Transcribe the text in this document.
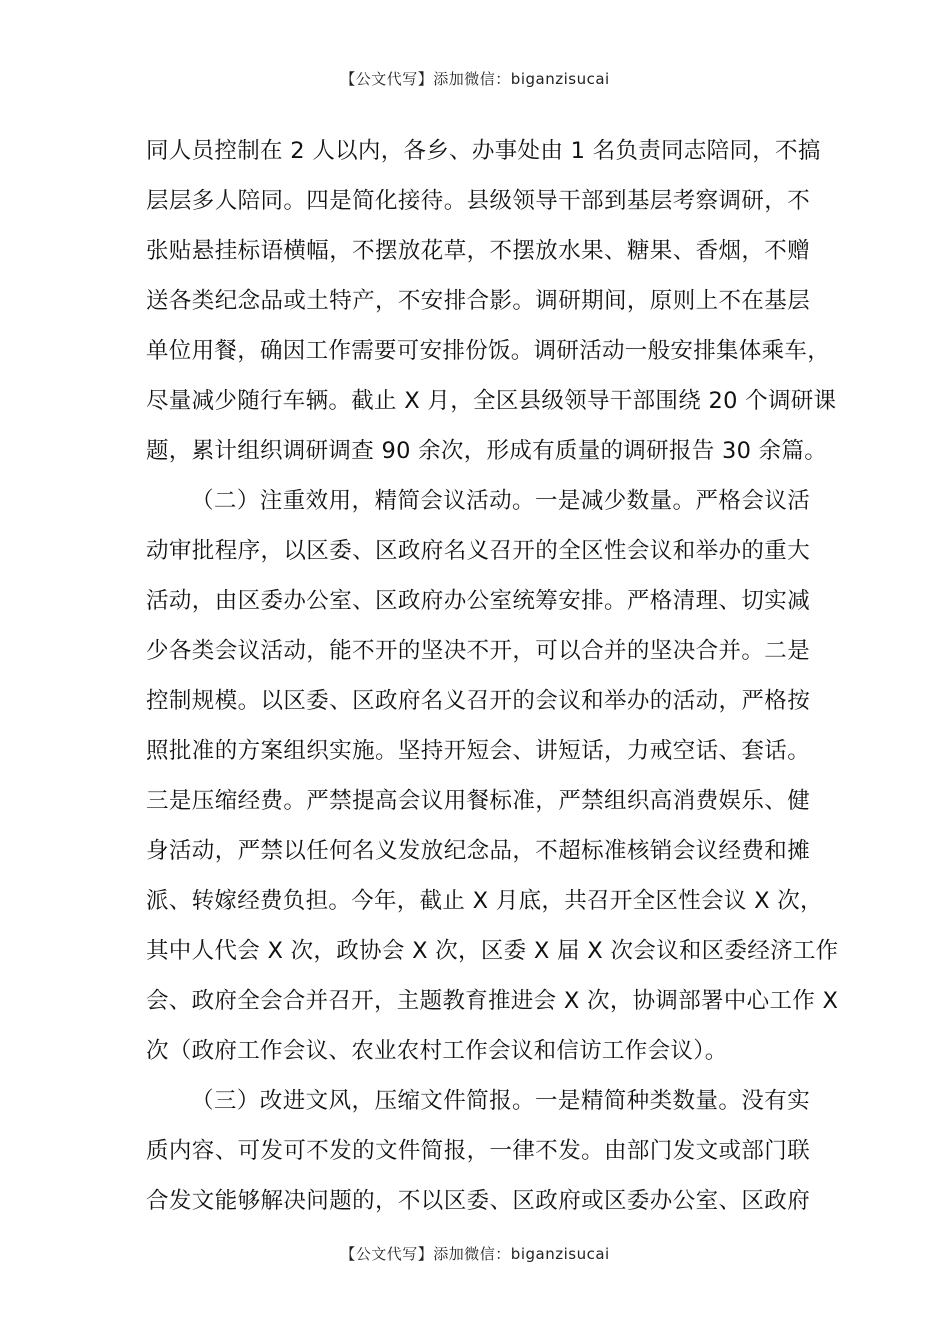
【公文代写】添加微信：biganzisucai
同人员控制在 2 人以内，各乡、办事处由 1 名负责同志陪同，不搞
层层多人陪同。四是简化接待。县级领导干部到基层考察调研，不
张贴悬挂标语横幅，不摆放花草，不摆放水果、糖果、香烟，不赠
送各类纪念品或土特产，不安排合影。调研期间，原则上不在基层
单位用餐，确因工作需要可安排份饭。调研活动一般安排集体乘车，
尽量减少随行车辆。截止 X 月，全区县级领导干部围绕 20 个调研课
题，累计组织调研调查 90 余次，形成有质量的调研报告 30 余篇。
（二）注重效用，精简会议活动。一是减少数量。严格会议活
动审批程序，以区委、区政府名义召开的全区性会议和举办的重大
活动，由区委办公室、区政府办公室统筹安排。严格清理、切实减
少各类会议活动，能不开的坚决不开，可以合并的坚决合并。二是
控制规模。以区委、区政府名义召开的会议和举办的活动，严格按
照批准的方案组织实施。坚持开短会、讲短话，力戒空话、套话。
三是压缩经费。严禁提高会议用餐标准，严禁组织高消费娱乐、健
身活动，严禁以任何名义发放纪念品，不超标准核销会议经费和摊
派、转嫁经费负担。今年，截止 X 月底，共召开全区性会议 X 次，
其中人代会 X 次，政协会 X 次，区委 X 届 X 次会议和区委经济工作
会、政府全会合并召开，主题教育推进会 X 次，协调部署中心工作 X
次（政府工作会议、农业农村工作会议和信访工作会议）。
（三）改进文风，压缩文件简报。一是精简种类数量。没有实
质内容、可发可不发的文件简报，一律不发。由部门发文或部门联
合发文能够解决问题的，不以区委、区政府或区委办公室、区政府
【公文代写】添加微信：biganzisucai
